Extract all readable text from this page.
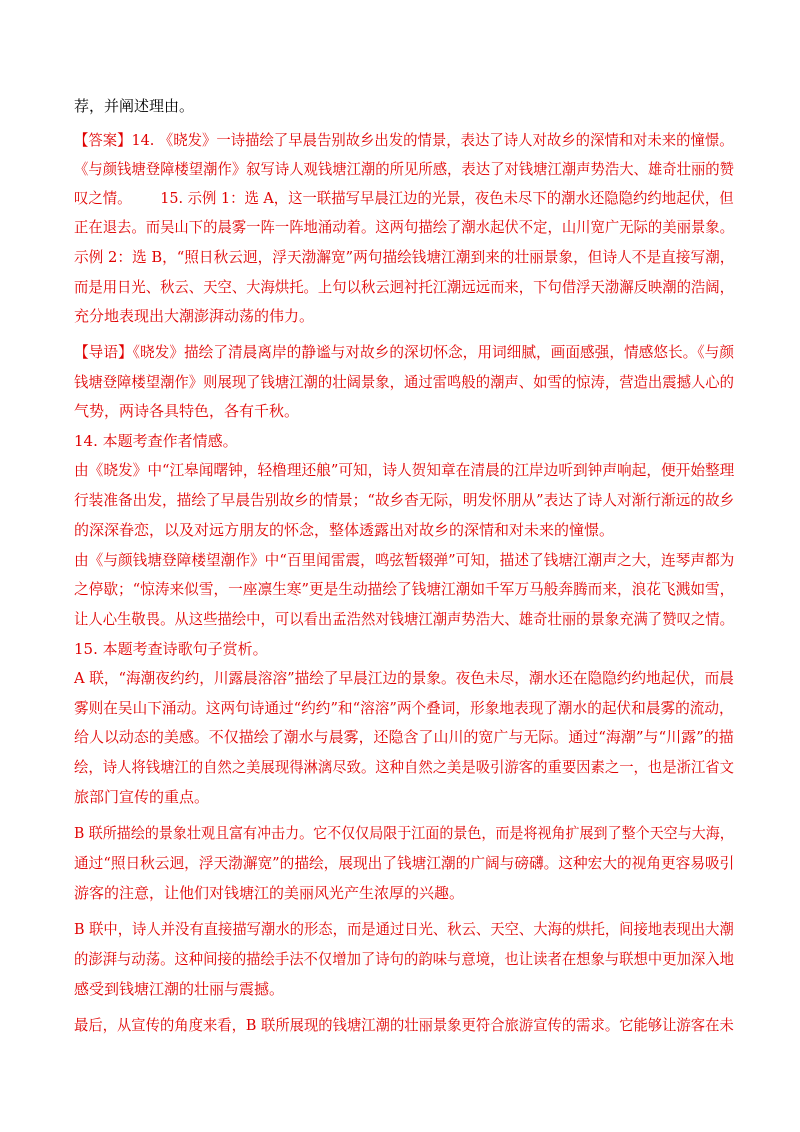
荐，并阐述理由。
【答案】14. 《晓发》一诗描绘了早晨告别故乡出发的情景，表达了诗人对故乡的深情和对未来的憧憬。
《与颜钱塘登障楼望潮作》叙写诗人观钱塘江潮的所见所感，表达了对钱塘江潮声势浩大、雄奇壮丽的赞
叹之情。 15. 示例 1：选 A，这一联描写早晨江边的光景，夜色未尽下的潮水还隐隐约约地起伏，但
正在退去。而吴山下的晨雾一阵一阵地涌动着。这两句描绘了潮水起伏不定，山川宽广无际的美丽景象。
示例 2：选 B，“照日秋云迥，浮天渤澥宽”两句描绘钱塘江潮到来的壮丽景象，但诗人不是直接写潮，
而是用日光、秋云、天空、大海烘托。上句以秋云迥衬托江潮远远而来，下句借浮天渤澥反映潮的浩阔，
充分地表现出大潮澎湃动荡的伟力。
【导语】《晓发》描绘了清晨离岸的静谧与对故乡的深切怀念，用词细腻，画面感强，情感悠长。《与颜
钱塘登障楼望潮作》则展现了钱塘江潮的壮阔景象，通过雷鸣般的潮声、如雪的惊涛，营造出震撼人心的
气势，两诗各具特色，各有千秋。
14. 本题考查作者情感。
由《晓发》中“江皋闻曙钟，轻橹理还艆”可知，诗人贺知章在清晨的江岸边听到钟声响起，便开始整理
行装准备出发，描绘了早晨告别故乡的情景；“故乡杳无际，明发怀朋从”表达了诗人对渐行渐远的故乡
的深深眷恋，以及对远方朋友的怀念，整体透露出对故乡的深情和对未来的憧憬。
由《与颜钱塘登障楼望潮作》中“百里闻雷震，鸣弦暂辍弹”可知，描述了钱塘江潮声之大，连琴声都为
之停歇；“惊涛来似雪，一座凛生寒”更是生动描绘了钱塘江潮如千军万马般奔腾而来，浪花飞溅如雪，
让人心生敬畏。从这些描绘中，可以看出孟浩然对钱塘江潮声势浩大、雄奇壮丽的景象充满了赞叹之情。
15. 本题考查诗歌句子赏析。
A 联，“海潮夜约约，川露晨溶溶”描绘了早晨江边的景象。夜色未尽，潮水还在隐隐约约地起伏，而晨
雾则在吴山下涌动。这两句诗通过“约约”和“溶溶”两个叠词，形象地表现了潮水的起伏和晨雾的流动，
给人以动态的美感。不仅描绘了潮水与晨雾，还隐含了山川的宽广与无际。通过“海潮”与“川露”的描
绘，诗人将钱塘江的自然之美展现得淋漓尽致。这种自然之美是吸引游客的重要因素之一，也是浙江省文
旅部门宣传的重点。
B 联所描绘的景象壮观且富有冲击力。它不仅仅局限于江面的景色，而是将视角扩展到了整个天空与大海，
通过“照日秋云迥，浮天渤澥宽”的描绘，展现出了钱塘江潮的广阔与磅礴。这种宏大的视角更容易吸引
游客的注意，让他们对钱塘江的美丽风光产生浓厚的兴趣。
B 联中，诗人并没有直接描写潮水的形态，而是通过日光、秋云、天空、大海的烘托，间接地表现出大潮
的澎湃与动荡。这种间接的描绘手法不仅增加了诗句的韵味与意境，也让读者在想象与联想中更加深入地
感受到钱塘江潮的壮丽与震撼。
最后，从宣传的角度来看，B 联所展现的钱塘江潮的壮丽景象更符合旅游宣传的需求。它能够让游客在未
